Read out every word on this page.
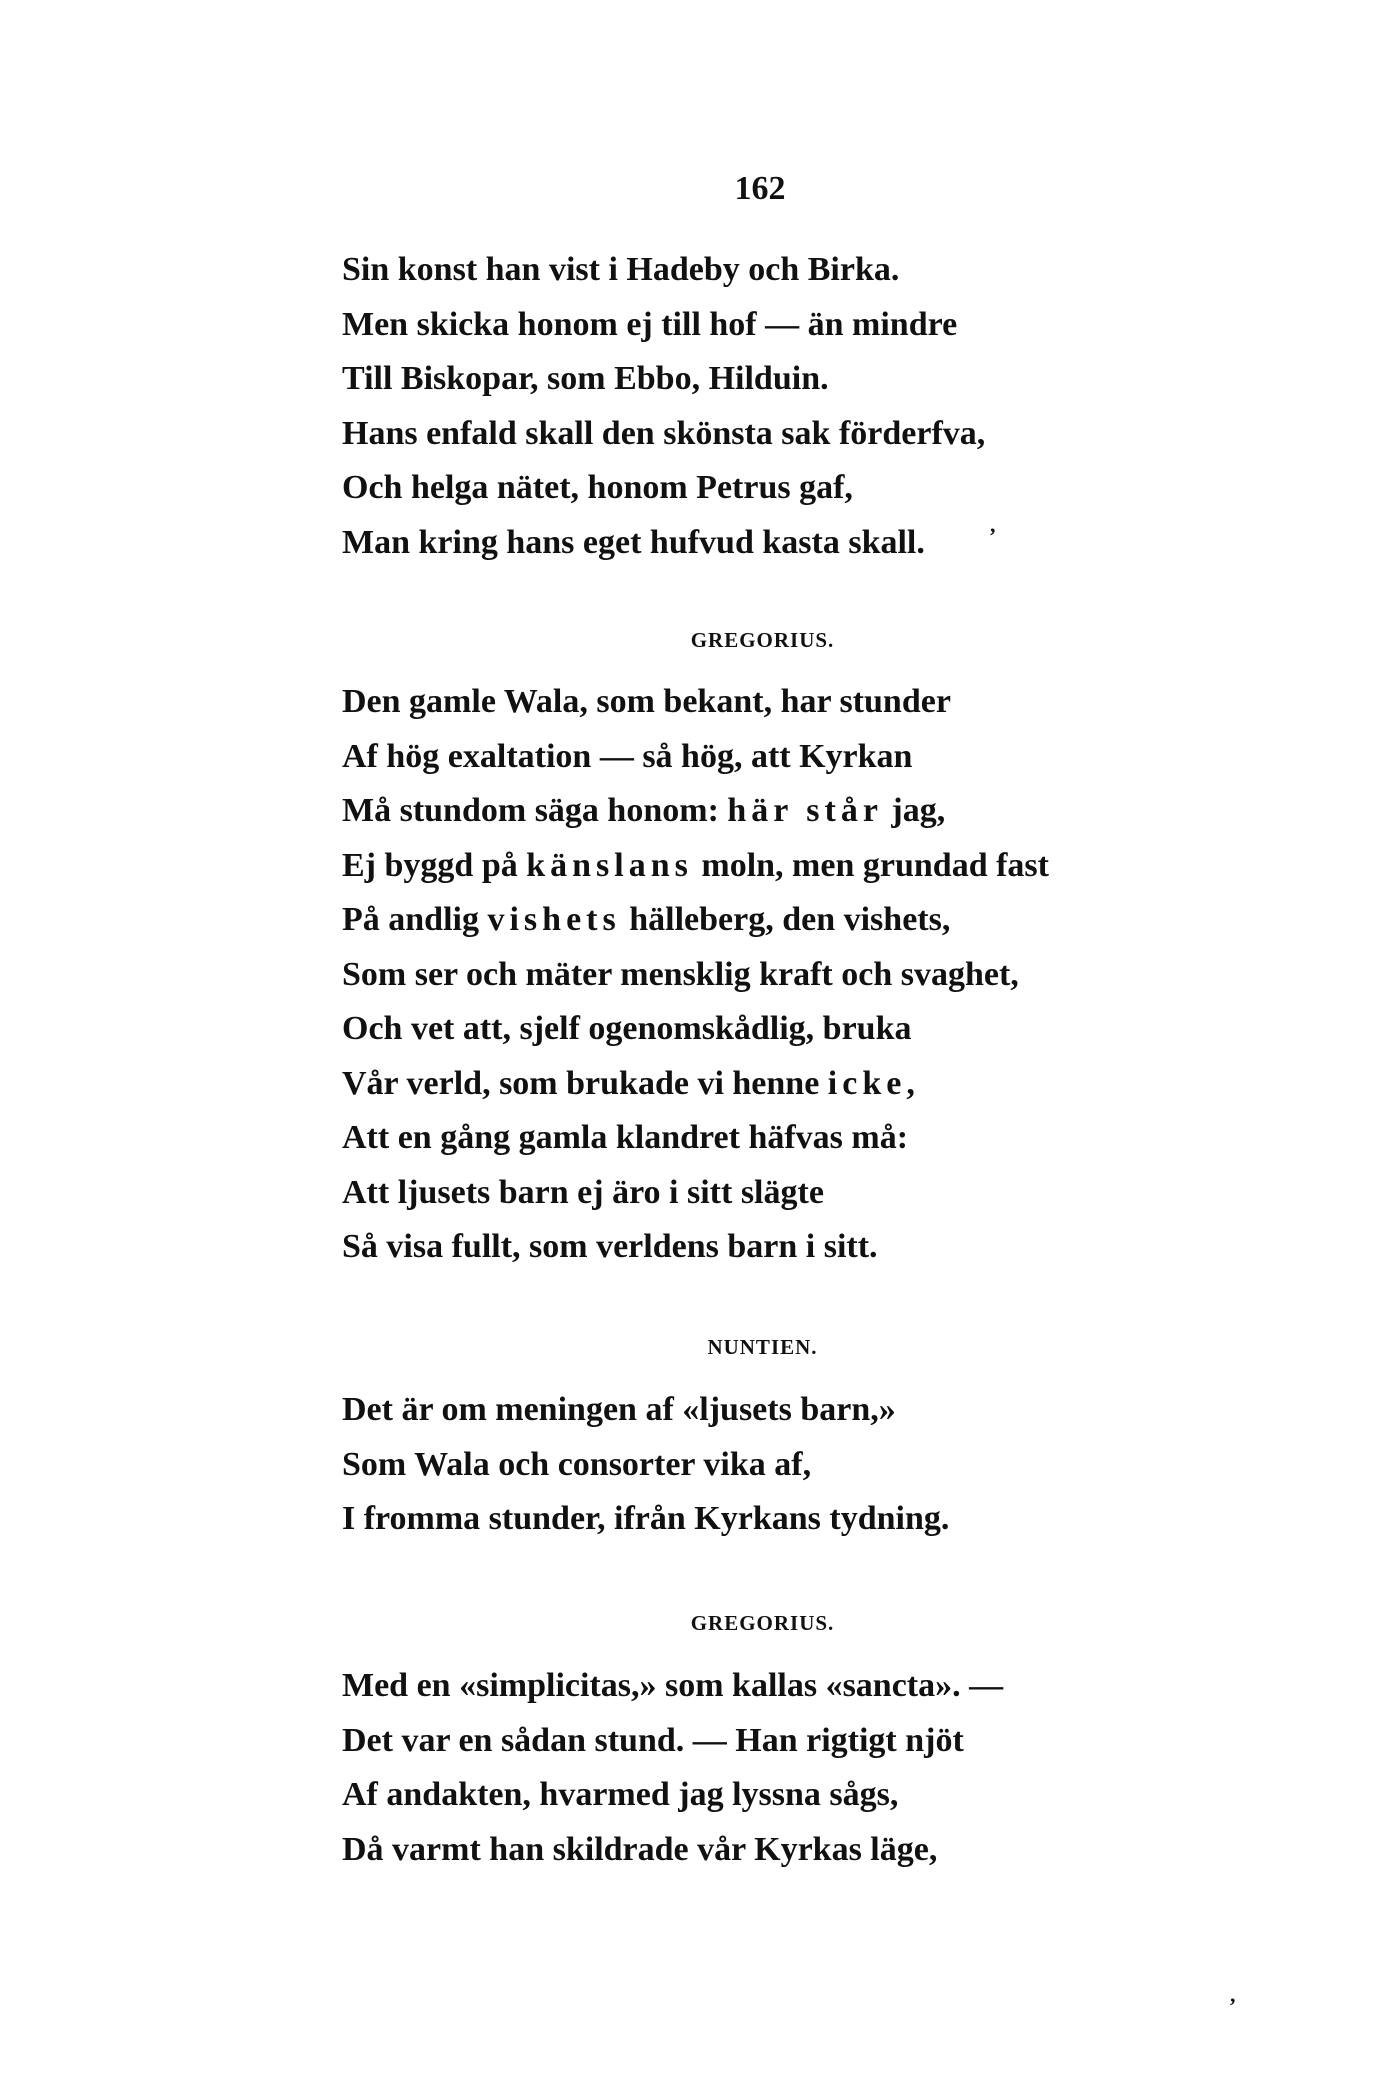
162
Sin konst han vist i Hadeby och Birka.
Men skicka honom ej till hof — än mindre
Till Biskopar, som Ebbo, Hilduin.
Hans enfald skall den skönsta sak förderfva,
Och helga nätet, honom Petrus gaf,
Man kring hans eget hufvud kasta skall.
GREGORIUS.
Den gamle Wala, som bekant, har stunder
Af hög exaltation — så hög, att Kyrkan
Må stundom säga honom: här står jag,
Ej byggd på känslans moln, men grundad fast
På andlig vishets hälleberg, den vishets,
Som ser och mäter mensklig kraft och svaghet,
Och vet att, sjelf ogenomskådlig, bruka
Vår verld, som brukade vi henne icke,
Att en gång gamla klandret häfvas må:
Att ljusets barn ej äro i sitt slägte
Så visa fullt, som verldens barn i sitt.
NUNTIEN.
Det är om meningen af «ljusets barn,»
Som Wala och consorter vika af,
I fromma stunder, ifrån Kyrkans tydning.
GREGORIUS.
Med en «simplicitas,» som kallas «sancta». —
Det var en sådan stund. — Han rigtigt njöt
Af andakten, hvarmed jag lyssna sågs,
Då varmt han skildrade vår Kyrkas läge,
,
,
